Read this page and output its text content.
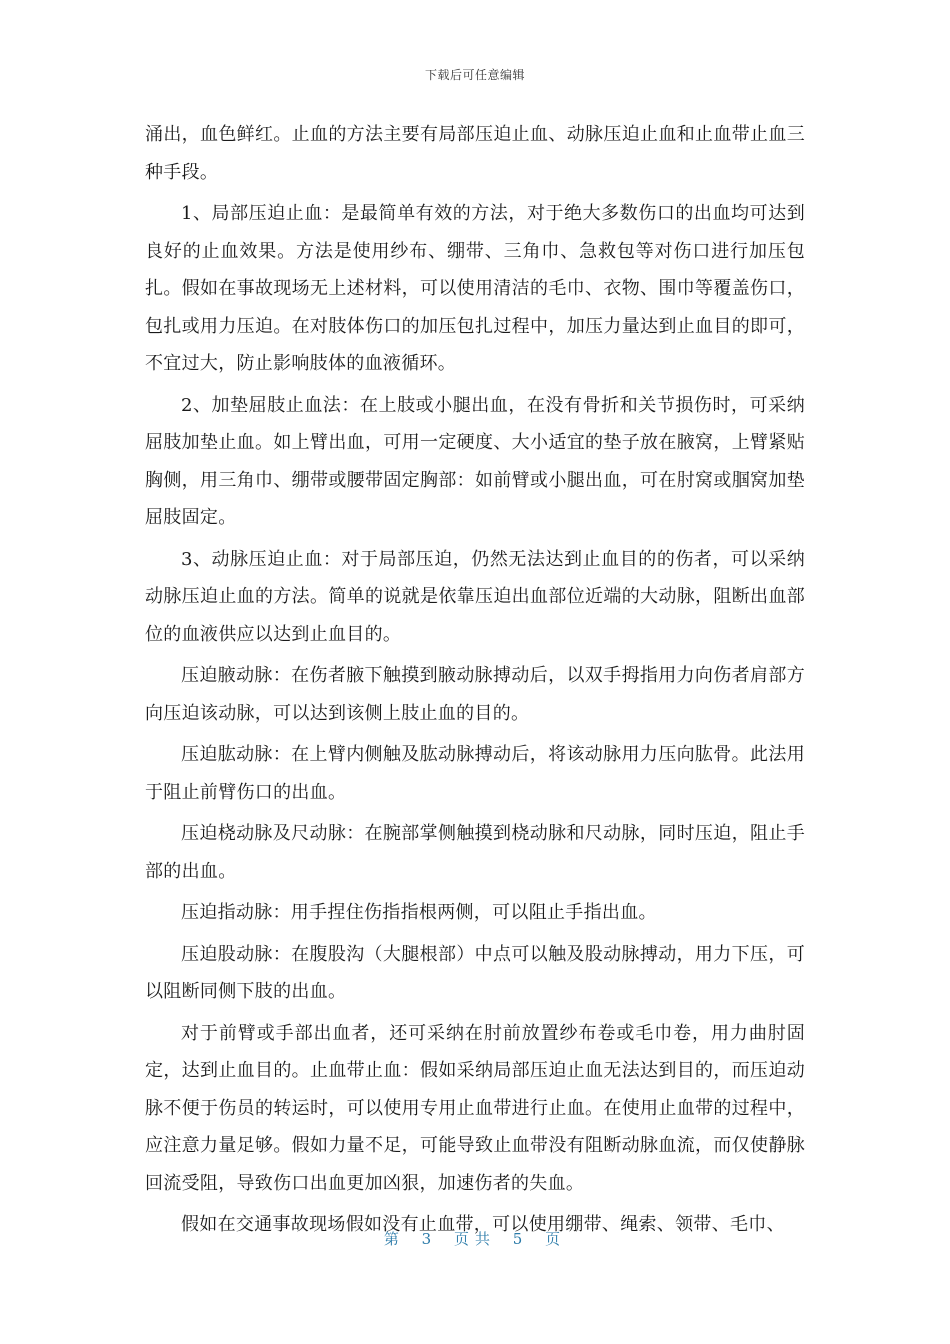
下载后可任意编辑

涌出，血色鲜红。止血的方法主要有局部压迫止血、动脉压迫止血和止血带止血三种手段。

1、局部压迫止血：是最简单有效的方法，对于绝大多数伤口的出血均可达到良好的止血效果。方法是使用纱布、绷带、三角巾、急救包等对伤口进行加压包扎。假如在事故现场无上述材料，可以使用清洁的毛巾、衣物、围巾等覆盖伤口，包扎或用力压迫。在对肢体伤口的加压包扎过程中，加压力量达到止血目的即可，不宜过大，防止影响肢体的血液循环。

2、加垫屈肢止血法：在上肢或小腿出血，在没有骨折和关节损伤时，可采纳屈肢加垫止血。如上臂出血，可用一定硬度、大小适宜的垫子放在腋窝，上臂紧贴胸侧，用三角巾、绷带或腰带固定胸部：如前臂或小腿出血，可在肘窝或腘窝加垫屈肢固定。

3、动脉压迫止血：对于局部压迫，仍然无法达到止血目的的伤者，可以采纳动脉压迫止血的方法。简单的说就是依靠压迫出血部位近端的大动脉，阻断出血部位的血液供应以达到止血目的。

压迫腋动脉：在伤者腋下触摸到腋动脉搏动后，以双手拇指用力向伤者肩部方向压迫该动脉，可以达到该侧上肢止血的目的。

压迫肱动脉：在上臂内侧触及肱动脉搏动后，将该动脉用力压向肱骨。此法用于阻止前臂伤口的出血。

压迫桡动脉及尺动脉：在腕部掌侧触摸到桡动脉和尺动脉，同时压迫，阻止手部的出血。

压迫指动脉：用手捏住伤指指根两侧，可以阻止手指出血。

压迫股动脉：在腹股沟（大腿根部）中点可以触及股动脉搏动，用力下压，可以阻断同侧下肢的出血。

对于前臂或手部出血者，还可采纳在肘前放置纱布卷或毛巾卷，用力曲肘固定，达到止血目的。止血带止血：假如采纳局部压迫止血无法达到目的，而压迫动脉不便于伤员的转运时，可以使用专用止血带进行止血。在使用止血带的过程中，应注意力量足够。假如力量不足，可能导致止血带没有阻断动脉血流，而仅使静脉回流受阻，导致伤口出血更加凶狠，加速伤者的失血。

假如在交通事故现场假如没有止血带，可以使用绷带、绳索、领带、毛巾、

第 3 页共 5 页
